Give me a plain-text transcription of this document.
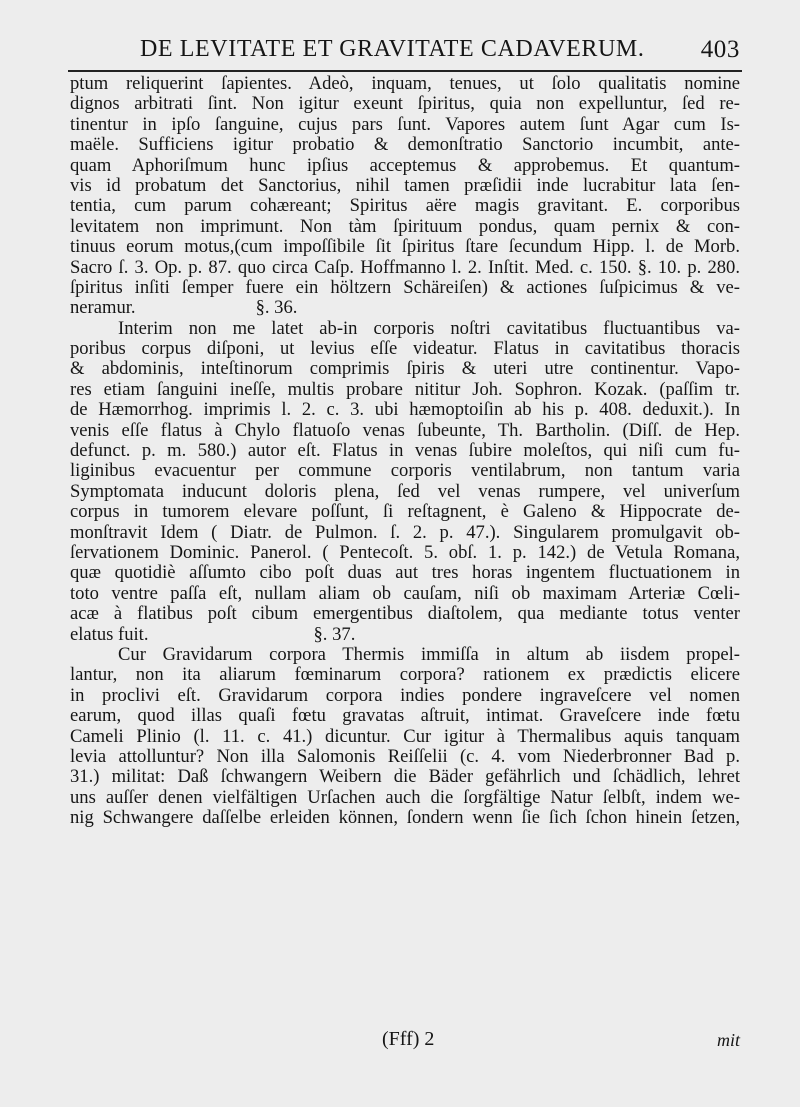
DE LEVITATE ET GRAVITATE CADAVERUM. 403
ptum reliquerint ſapientes. Adeò, inquam, tenues, ut ſolo qualitatis nomine
dignos arbitrati ſint. Non igitur exeunt ſpiritus, quia non expelluntur, ſed re-
tinentur in ipſo ſanguine, cujus pars ſunt. Vapores autem ſunt Agar cum Is-
maële. Sufficiens igitur probatio & demonſtratio Sanctorio incumbit, ante-
quam Aphoriſmum hunc ipſius acceptemus & approbemus. Et quantum-
vis id probatum det Sanctorius, nihil tamen præſidii inde lucrabitur lata ſen-
tentia, cum parum cohæreant; Spiritus aëre magis gravitant. E. corporibus
levitatem non imprimunt. Non tàm ſpirituum pondus, quam pernix & con-
tinuus eorum motus,(cum impoſſibile ſit ſpiritus ſtare ſecundum Hipp. l. de Morb.
Sacro ſ. 3. Op. p. 87. quo circa Caſp. Hoffmanno l. 2. Inſtit. Med. c. 150. §. 10. p. 280.
ſpiritus inſiti ſemper fuere ein höltzern Schäreiſen) & actiones ſuſpicimus & ve-
neramur.	§. 36.
Interim non me latet ab-in corporis noſtri cavitatibus fluctuantibus va-
poribus corpus diſponi, ut levius eſſe videatur. Flatus in cavitatibus thoracis
& abdominis, inteſtinorum comprimis ſpiris & uteri utre continentur. Vapo-
res etiam ſanguini ineſſe, multis probare nititur Joh. Sophron. Kozak. (paſſim tr.
de Hæmorrhog. imprimis l. 2. c. 3. ubi hæmoptoiſin ab his p. 408. deduxit.). In
venis eſſe flatus à Chylo flatuoſo venas ſubeunte, Th. Bartholin. (Diſſ. de Hep.
defunct. p. m. 580.) autor eſt. Flatus in venas ſubire moleſtos, qui niſi cum fu-
liginibus evacuentur per commune corporis ventilabrum, non tantum varia
Symptomata inducunt doloris plena, ſed vel venas rumpere, vel univerſum
corpus in tumorem elevare poſſunt, ſi reſtagnent, è Galeno & Hippocrate de-
monſtravit Idem ( Diatr. de Pulmon. ſ. 2. p. 47.). Singularem promulgavit ob-
ſervationem Dominic. Panerol. ( Pentecoſt. 5. obſ. 1. p. 142.) de Vetula Romana,
quæ quotidiè aſſumto cibo poſt duas aut tres horas ingentem fluctuationem in
toto ventre paſſa eſt, nullam aliam ob cauſam, niſi ob maximam Arteriæ Cœli-
acæ à flatibus poſt cibum emergentibus diaſtolem, qua mediante totus venter
elatus fuit.	§. 37.
Cur Gravidarum corpora Thermis immiſſa in altum ab iisdem propel-
lantur, non ita aliarum fœminarum corpora? rationem ex prædictis elicere
in proclivi eſt. Gravidarum corpora indies pondere ingraveſcere vel nomen
earum, quod illas quaſi fœtu gravatas aſtruit, intimat. Graveſcere inde fœtu
Cameli Plinio (l. 11. c. 41.) dicuntur. Cur igitur à Thermalibus aquis tanquam
levia attolluntur? Non illa Salomonis Reiſſelii (c. 4. vom Niederbronner Bad p.
31.) militat: Daß ſchwangern Weibern die Bäder gefährlich und ſchädlich, lehret
uns auſſer denen vielfältigen Urſachen auch die ſorgfältige Natur ſelbſt, indem we-
nig Schwangere daſſelbe erleiden können, ſondern wenn ſie ſich ſchon hinein ſetzen,
(Fff) 2	mit
